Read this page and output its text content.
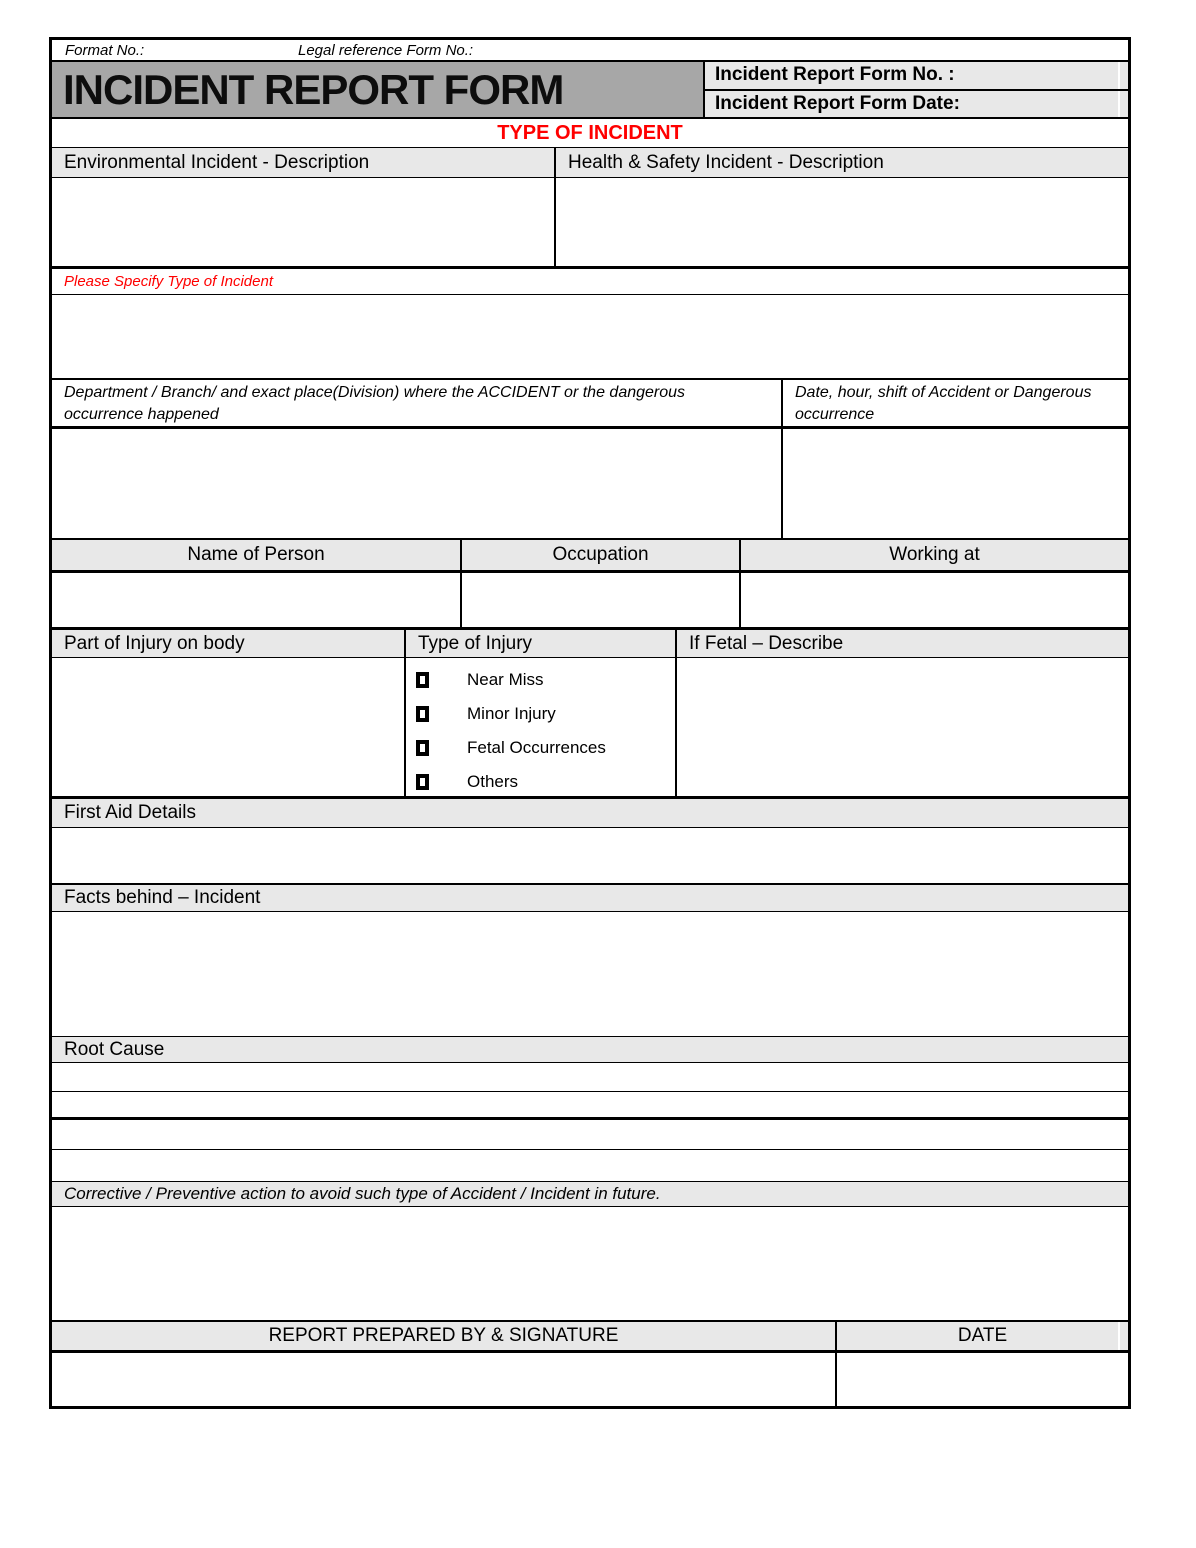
Format No.:	Legal reference Form No.:
INCIDENT REPORT FORM	Incident Report Form No. :
Incident Report Form Date:
TYPE OF INCIDENT
Environmental Incident - Description	Health & Safety Incident - Description
Please Specify Type of Incident
Department / Branch/ and exact place(Division) where the ACCIDENT or the dangerous occurrence happened
Date, hour, shift of Accident or Dangerous occurrence
Name of Person	Occupation	Working at
Part of Injury on body	Type of Injury	If Fetal – Describe
Near Miss
Minor Injury
Fetal Occurrences
Others
First Aid Details
Facts behind – Incident
Root Cause
Corrective / Preventive action to avoid such type of Accident / Incident in future.
REPORT PREPARED BY & SIGNATURE	DATE
